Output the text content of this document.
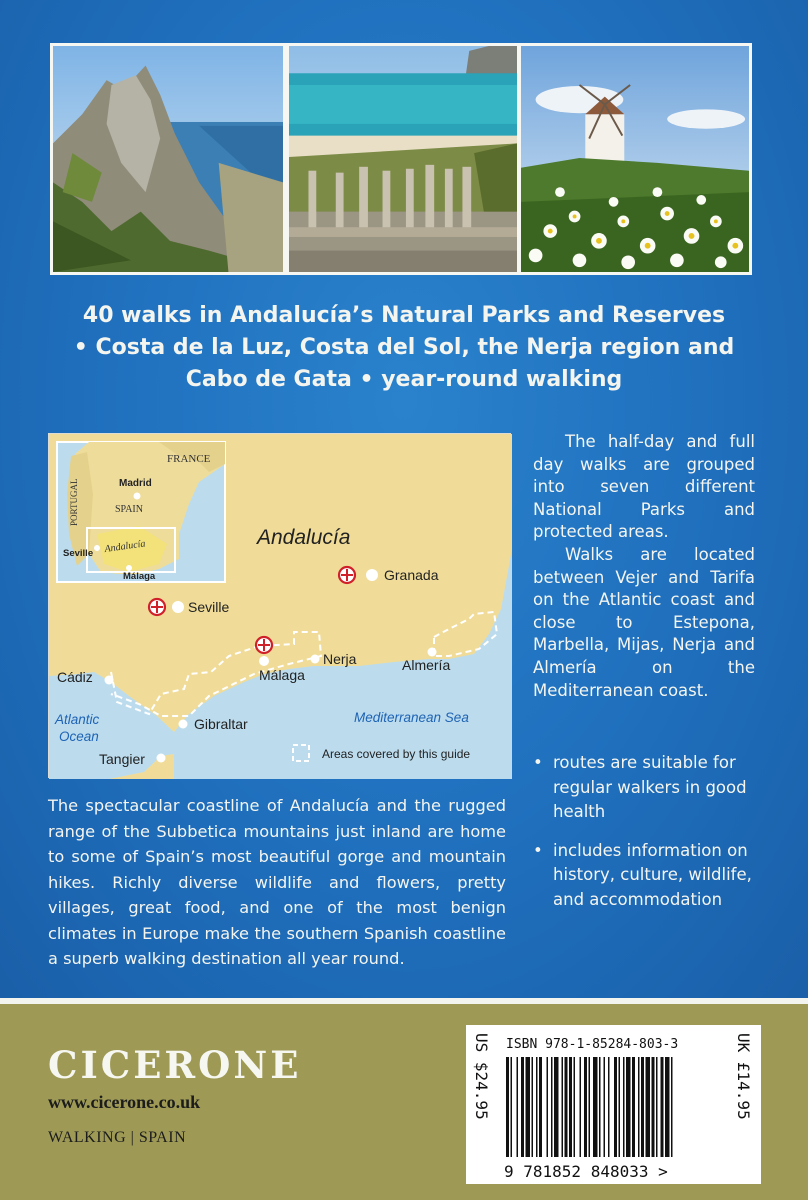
40 walks in Andalucía’s Natural Parks and Reserves
• Costa de la Luz, Costa del Sol, the Nerja region and
Cabo de Gata • year-round walking
FRANCE
Madrid
PORTUGAL	SPAIN
Seville Andalucía
Málaga
Andalucía
Granada
Seville
Málaga
Nerja	Almería
Cádiz
Gibraltar
Tangier
Atlantic
Ocean
Mediterranean Sea
Areas covered by this guide

The half-day and full day walks are grouped into seven different National Parks and protected areas.

Walks are located between Vejer and Tarifa on the Atlantic coast and close to Estepona, Marbella, Mijas, Nerja and Almería on the Mediterranean coast.

• routes are suitable for regular walkers in good health
• includes information on history, culture, wildlife, and accommodation
The spectacular coastline of Andalucía and the rugged range of the Subbetica mountains just inland are home to some of Spain’s most beautiful gorge and mountain hikes. Richly diverse wildlife and flowers, pretty villages, great food, and one of the most benign climates in Europe make the southern Spanish coastline a superb walking destination all year round.
CICERONE
www.cicerone.co.uk
WALKING | SPAIN
ISBN 978-1-85284-803-3
US $24.95	UK £14.95
9 781852 848033 >
